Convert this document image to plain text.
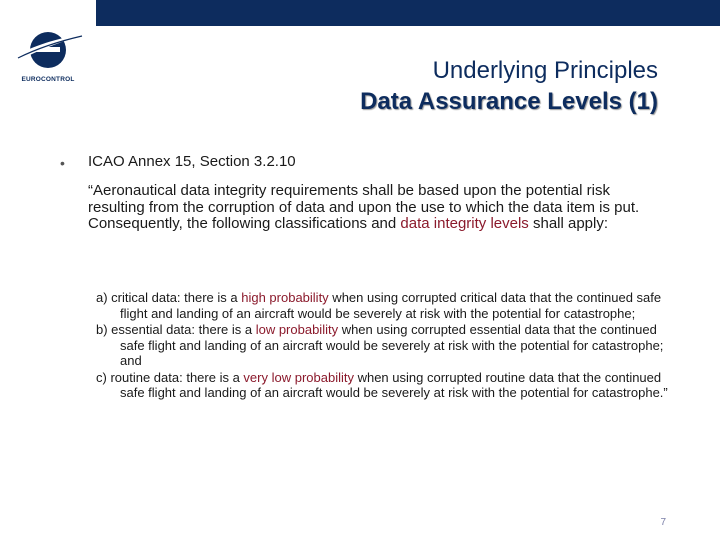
EUROCONTROL	Underlying Principles
Data Assurance Levels (1)
• ICAO Annex 15, Section 3.2.10
“Aeronautical data integrity requirements shall be based upon the potential risk resulting from the corruption of data and upon the use to which the data item is put. Consequently, the following classifications and data integrity levels shall apply:
a) critical data: there is a high probability when using corrupted critical data that the continued safe flight and landing of an aircraft would be severely at risk with the potential for catastrophe;
b) essential data: there is a low probability when using corrupted essential data that the continued safe flight and landing of an aircraft would be severely at risk with the potential for catastrophe; and
c) routine data: there is a very low probability when using corrupted routine data that the continued safe flight and landing of an aircraft would be severely at risk with the potential for catastrophe.”
7
